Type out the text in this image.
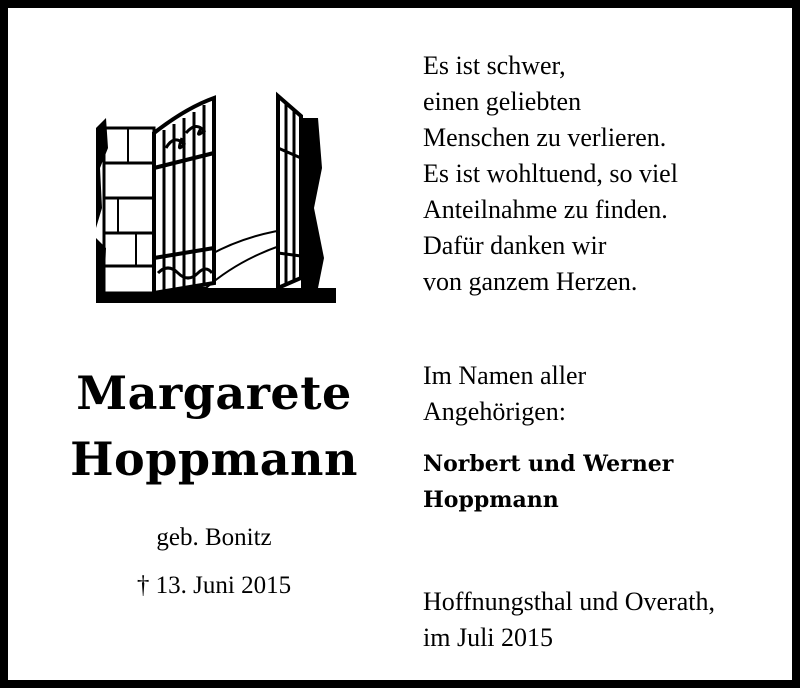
Margarete
Hoppmann
geb. Bonitz
† 13. Juni 2015
Es ist schwer,
einen geliebten
Menschen zu verlieren.
Es ist wohltuend, so viel
Anteilnahme zu finden.
Dafür danken wir
von ganzem Herzen.
Im Namen aller
Angehörigen:
Norbert und Werner
Hoppmann
Hoffnungsthal und Overath,
im Juli 2015
